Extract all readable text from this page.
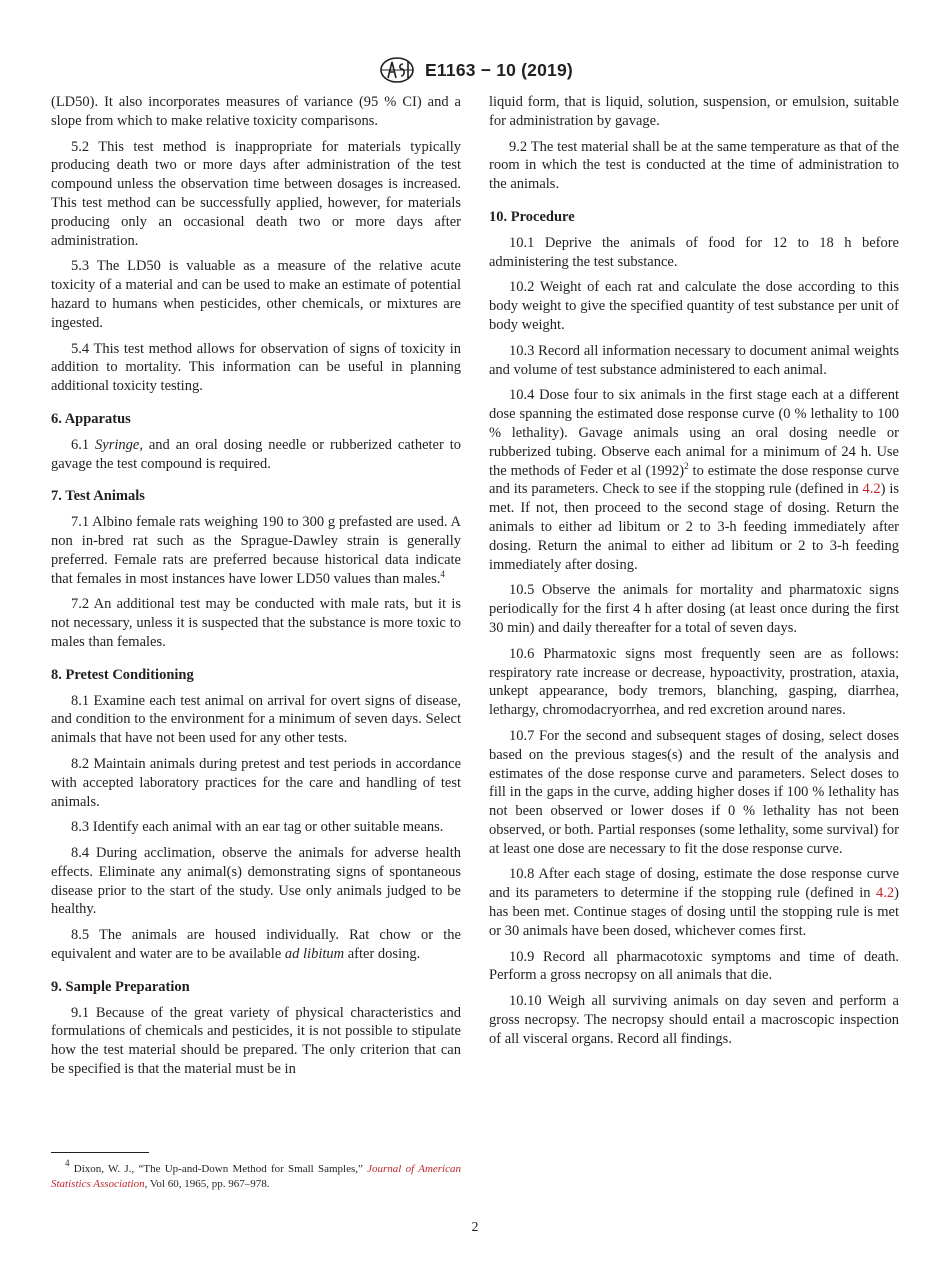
E1163 − 10 (2019)

(LD50). It also incorporates measures of variance (95 % CI) and a slope from which to make relative toxicity comparisons.

5.2 This test method is inappropriate for materials typically producing death two or more days after administration of the test compound unless the observation time between dosages is increased. This test method can be successfully applied, however, for materials producing only an occasional death two or more days after administration.

5.3 The LD50 is valuable as a measure of the relative acute toxicity of a material and can be used to make an estimate of potential hazard to humans when pesticides, other chemicals, or mixtures are ingested.

5.4 This test method allows for observation of signs of toxicity in addition to mortality. This information can be useful in planning additional toxicity testing.

6. Apparatus

6.1 Syringe, and an oral dosing needle or rubberized catheter to gavage the test compound is required.

7. Test Animals

7.1 Albino female rats weighing 190 to 300 g prefasted are used. A non in-bred rat such as the Sprague-Dawley strain is generally preferred. Female rats are preferred because historical data indicate that females in most instances have lower LD50 values than males.$^4$

7.2 An additional test may be conducted with male rats, but it is not necessary, unless it is suspected that the substance is more toxic to males than females.

8. Pretest Conditioning

8.1 Examine each test animal on arrival for overt signs of disease, and condition to the environment for a minimum of seven days. Select animals that have not been used for any other tests.

8.2 Maintain animals during pretest and test periods in accordance with accepted laboratory practices for the care and handling of test animals.

8.3 Identify each animal with an ear tag or other suitable means.

8.4 During acclimation, observe the animals for adverse health effects. Eliminate any animal(s) demonstrating signs of spontaneous disease prior to the start of the study. Use only animals judged to be healthy.

8.5 The animals are housed individually. Rat chow or the equivalent and water are to be available ad libitum after dosing.

9. Sample Preparation

9.1 Because of the great variety of physical characteristics and formulations of chemicals and pesticides, it is not possible to stipulate how the test material should be prepared. The only criterion that can be specified is that the material must be in

liquid form, that is liquid, solution, suspension, or emulsion, suitable for administration by gavage.

9.2 The test material shall be at the same temperature as that of the room in which the test is conducted at the time of administration to the animals.

10. Procedure

10.1 Deprive the animals of food for 12 to 18 h before administering the test substance.

10.2 Weight of each rat and calculate the dose according to this body weight to give the specified quantity of test substance per unit of body weight.

10.3 Record all information necessary to document animal weights and volume of test substance administered to each animal.

10.4 Dose four to six animals in the first stage each at a different dose spanning the estimated dose response curve (0 % lethality to 100 % lethality). Gavage animals using an oral dosing needle or rubberized tubing. Observe each animal for a minimum of 24 h. Use the methods of Feder et al $(1992)^2$ to estimate the dose response curve and its parameters. Check to see if the stopping rule (defined in 4.2) is met. If not, then proceed to the second stage of dosing. Return the animals to either ad libitum or 2 to 3-h feeding immediately after dosing. Return the animal to either ad libitum or 2 to 3-h feeding immediately after dosing.

10.5 Observe the animals for mortality and pharmatoxic signs periodically for the first 4 h after dosing (at least once during the first 30 min) and daily thereafter for a total of seven days.

10.6 Pharmatoxic signs most frequently seen are as follows: respiratory rate increase or decrease, hypoactivity, prostration, ataxia, unkept appearance, body tremors, blanching, gasping, diarrhea, lethargy, chromodacryorrhea, and red excretion around nares.

10.7 For the second and subsequent stages of dosing, select doses based on the previous stages(s) and the result of the analysis and estimates of the dose response curve and parameters. Select doses to fill in the gaps in the curve, adding higher doses if 100 % lethality has not been observed or lower doses if 0 % lethality has not been observed, or both. Partial responses (some lethality, some survival) for at least one dose are necessary to fit the dose response curve.

10.8 After each stage of dosing, estimate the dose response curve and its parameters to determine if the stopping rule (defined in 4.2) has been met. Continue stages of dosing until the stopping rule is met or 30 animals have been dosed, whichever comes first.

10.9 Record all pharmacotoxic symptoms and time of death. Perform a gross necropsy on all animals that die.

10.10 Weigh all surviving animals on day seven and perform a gross necropsy. The necropsy should entail a macroscopic inspection of all visceral organs. Record all findings.

$^4$ Dixon, W. J., “The Up-and-Down Method for Small Samples,” Journal of American Statistics Association, Vol 60, 1965, pp. 967–978.
2
